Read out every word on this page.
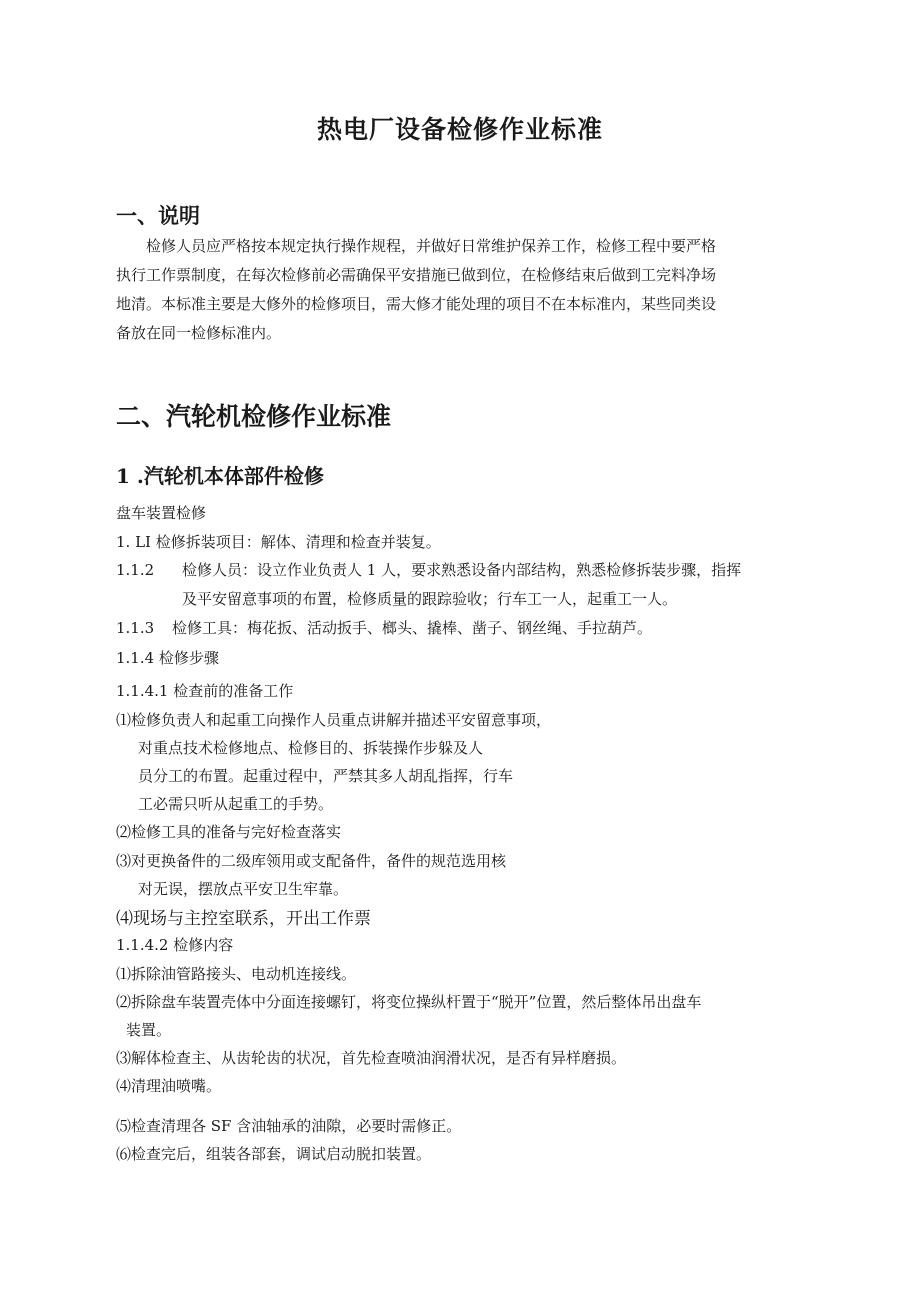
热电厂设备检修作业标准
一、说明
　　检修人员应严格按本规定执行操作规程，并做好日常维护保养工作，检修工程中要严格
执行工作票制度，在每次检修前必需确保平安措施已做到位，在检修结束后做到工完料净场
地清。本标准主要是大修外的检修项目，需大修才能处理的项目不在本标准内，某些同类设
备放在同一检修标准内。
二、汽轮机检修作业标准
1 .汽轮机本体部件检修
盘车装置检修
1. LI 检修拆装项目：解体、清理和检查并装复。
1.1.2 检修人员：设立作业负责人 1 人，要求熟悉设备内部结构，熟悉检修拆装步骤，指挥
及平安留意事项的布置，检修质量的跟踪验收；行车工一人，起重工一人。
1.1.3 检修工具：梅花扳、活动扳手、榔头、撬棒、凿子、钢丝绳、手拉葫芦。
1.1.4 检修步骤
1.1.4.1 检查前的准备工作
⑴检修负责人和起重工向操作人员重点讲解并描述平安留意事项，
对重点技术检修地点、检修目的、拆装操作步躲及人
员分工的布置。起重过程中，严禁其多人胡乱指挥，行车
工必需只听从起重工的手势。
⑵检修工具的准备与完好检查落实
⑶对更换备件的二级库领用或支配备件，备件的规范选用核
对无误，摆放点平安卫生牢靠。
⑷现场与主控室联系，开出工作票
1.1.4.2 检修内容
⑴拆除油管路接头、电动机连接线。
⑵拆除盘车装置壳体中分面连接螺钉，将变位操纵杆置于“脱开”位置，然后整体吊出盘车
装置。
⑶解体检查主、从齿轮齿的状况，首先检查喷油润滑状况，是否有异样磨损。
⑷清理油喷嘴。
⑸检查清理各 SF 含油轴承的油隙，必要时需修正。
⑹检查完后，组装各部套，调试启动脱扣装置。
